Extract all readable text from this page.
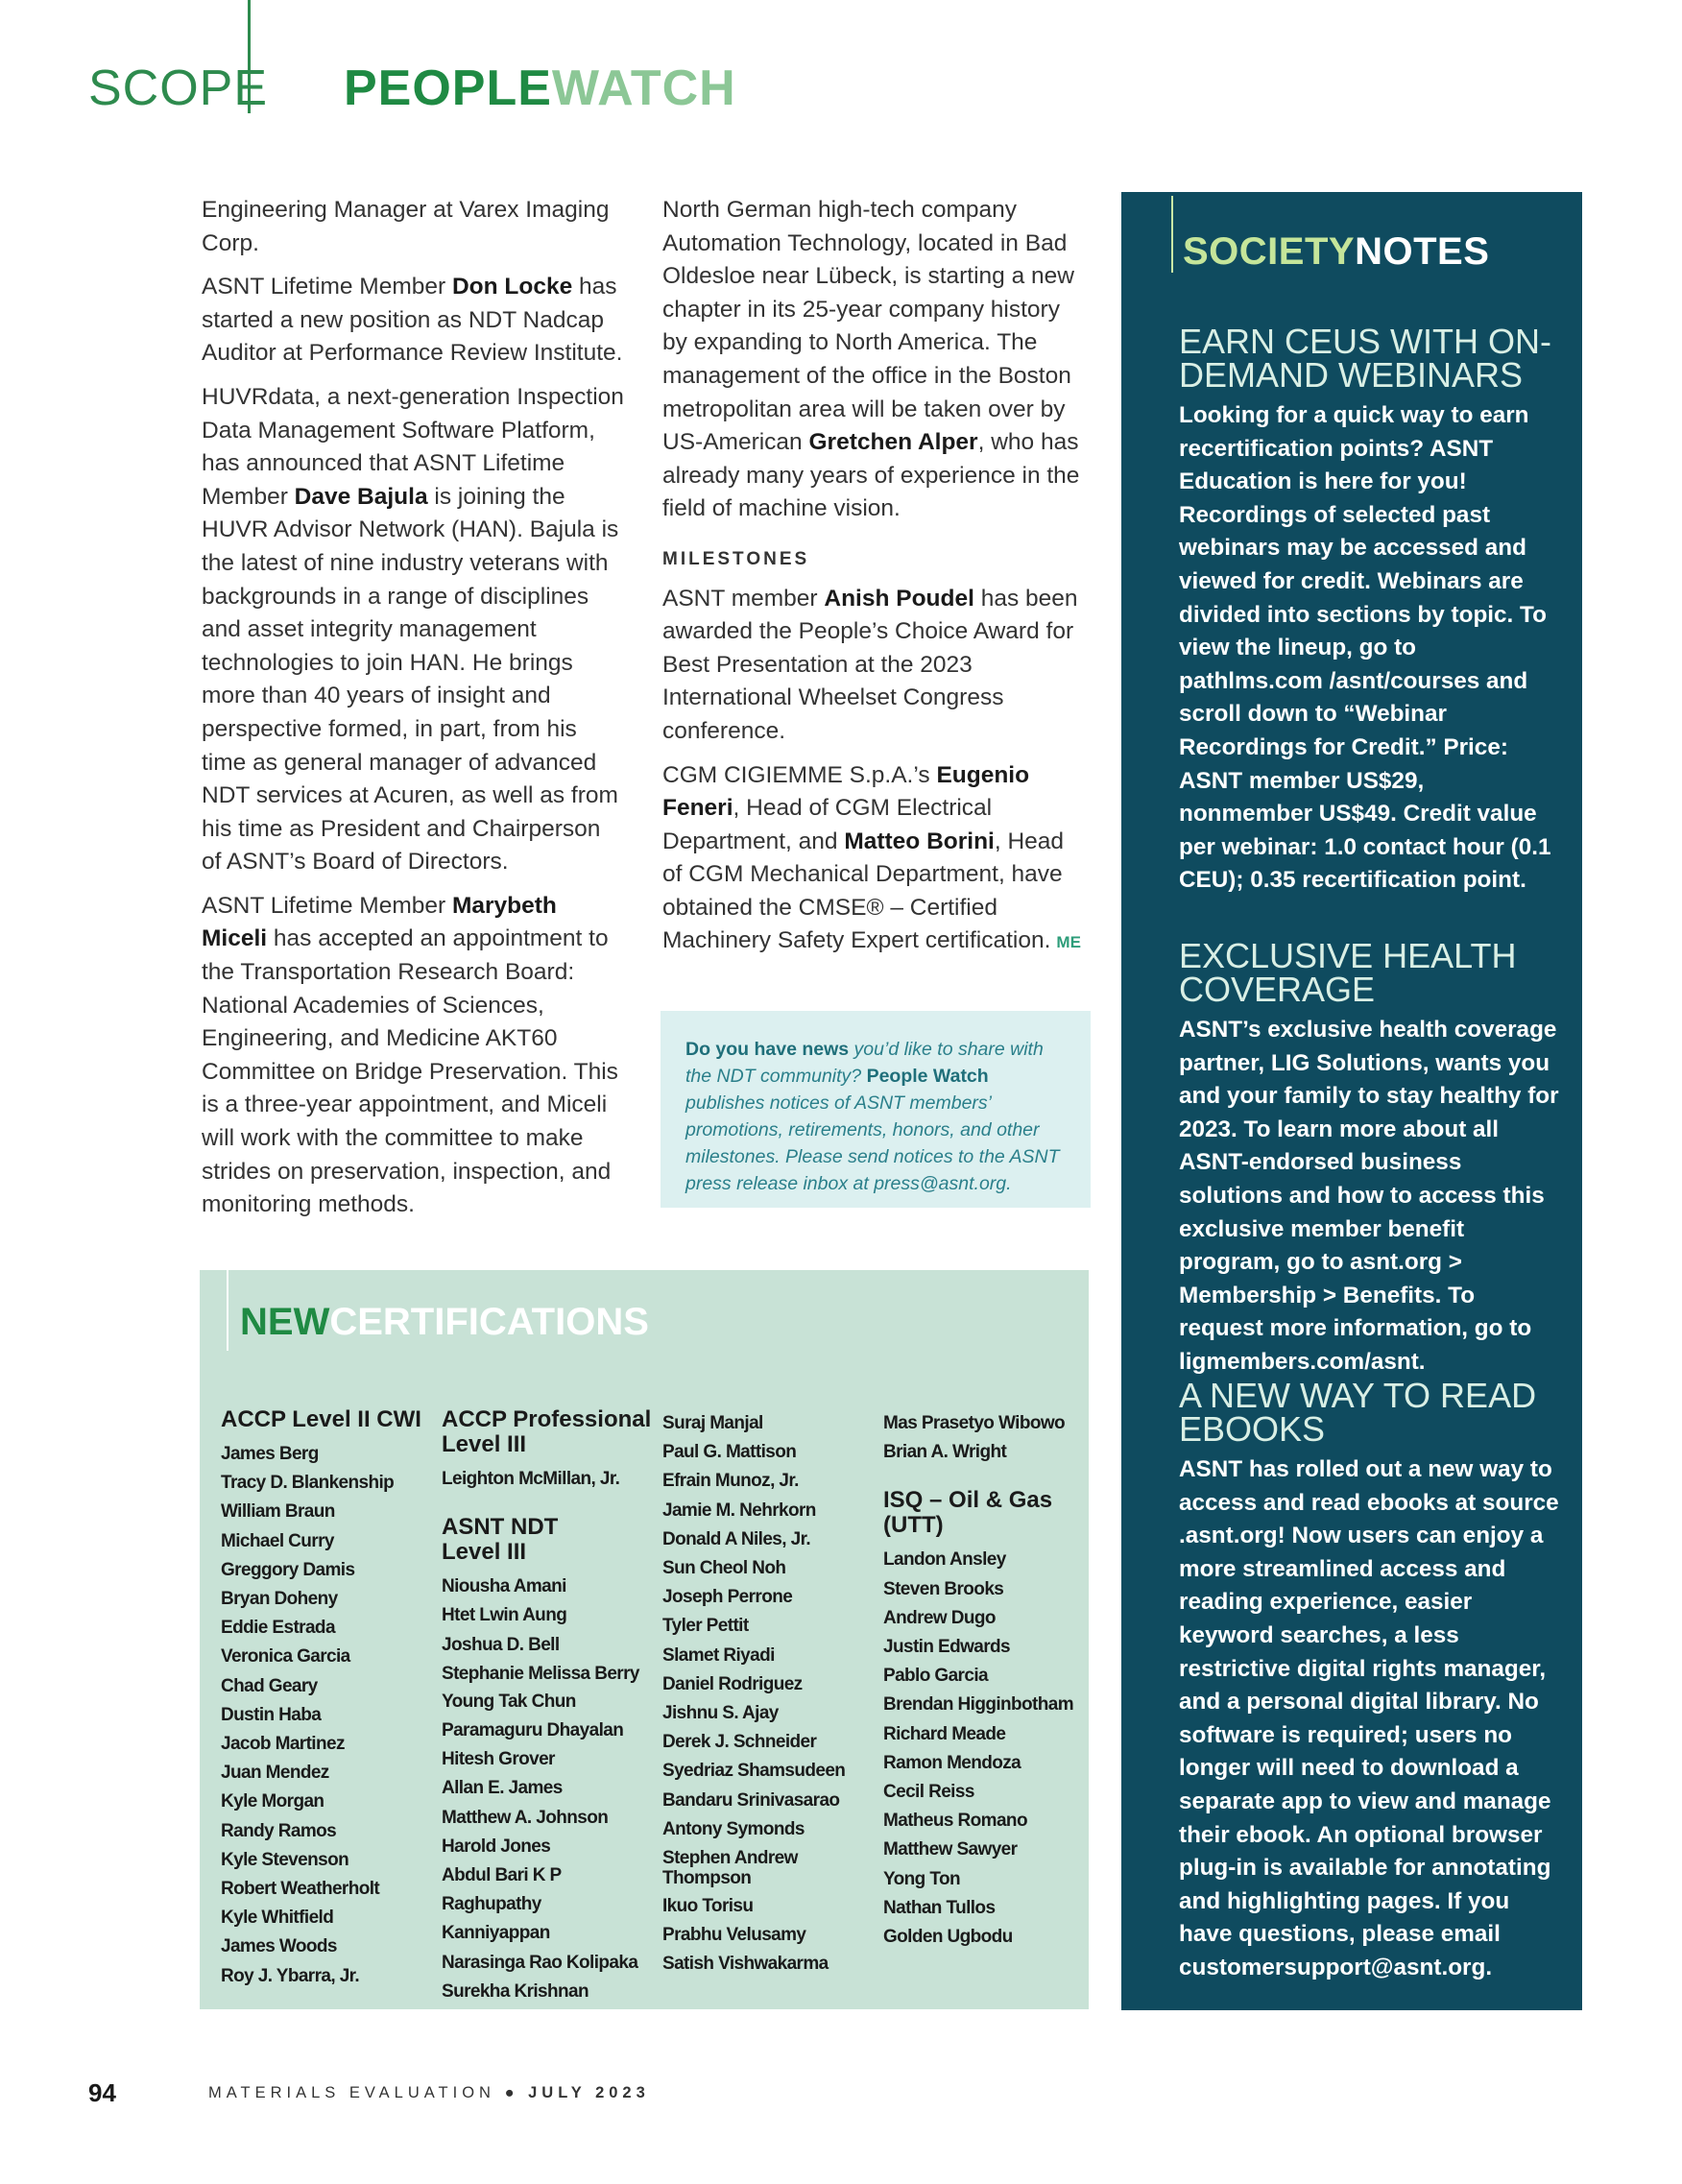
SCOPE PEOPLEWATCH

Engineering Manager at Varex Imaging Corp.

ASNT Lifetime Member Don Locke has started a new position as NDT Nadcap Auditor at Performance Review Institute.

HUVRdata, a next-generation Inspection Data Management Software Platform, has announced that ASNT Lifetime Member Dave Bajula is joining the HUVR Advisor Network (HAN). Bajula is the latest of nine industry veterans with backgrounds in a range of disciplines and asset integrity management technologies to join HAN. He brings more than 40 years of insight and perspective formed, in part, from his time as general manager of advanced NDT services at Acuren, as well as from his time as President and Chairperson of ASNT’s Board of Directors.

ASNT Lifetime Member Marybeth Miceli has accepted an appointment to the Transportation Research Board: National Academies of Sciences, Engineering, and Medicine AKT60 Committee on Bridge Preservation. This is a three-year appointment, and Miceli will work with the committee to make strides on preservation, inspection, and monitoring methods.

North German high-tech company Automation Technology, located in Bad Oldesloe near Lübeck, is starting a new chapter in its 25-year company history by expanding to North America. The management of the office in the Boston metropolitan area will be taken over by US-American Gretchen Alper, who has already many years of experience in the field of machine vision.

MILESTONES

ASNT member Anish Poudel has been awarded the People’s Choice Award for Best Presentation at the 2023 International Wheelset Congress conference.

CGM CIGIEMME S.p.A.’s Eugenio Feneri, Head of CGM Electrical Department, and Matteo Borini, Head of CGM Mechanical Department, have obtained the CMSE® – Certified Machinery Safety Expert certification. ME

Do you have news you’d like to share with the NDT community? People Watch publishes notices of ASNT members’ promotions, retirements, honors, and other milestones. Please send notices to the ASNT press release inbox at press@asnt.org.
SOCIETYNOTES
EARN CEUS WITH ON-DEMAND WEBINARS
Looking for a quick way to earn recertification points? ASNT Education is here for you! Recordings of selected past webinars may be accessed and viewed for credit. Webinars are divided into sections by topic. To view the lineup, go to pathlms.com /asnt/courses and scroll down to “Webinar Recordings for Credit.” Price: ASNT member US$29, nonmember US$49. Credit value per webinar: 1.0 contact hour (0.1 CEU); 0.35 recertification point.
EXCLUSIVE HEALTH COVERAGE
ASNT’s exclusive health coverage partner, LIG Solutions, wants you and your family to stay healthy for 2023. To learn more about all ASNT-endorsed business solutions and how to access this exclusive member benefit program, go to asnt.org > Membership > Benefits. To request more information, go to ligmembers.com/asnt.
A NEW WAY TO READ EBOOKS
ASNT has rolled out a new way to access and read ebooks at source .asnt.org! Now users can enjoy a more streamlined access and reading experience, easier keyword searches, a less restrictive digital rights manager, and a personal digital library. No software is required; users no longer will need to download a separate app to view and manage their ebook. An optional browser plug-in is available for annotating and highlighting pages. If you have questions, please email customersupport@asnt.org.
NEWCERTIFICATIONS
ACCP Level II CWI
James Berg
Tracy D. Blankenship
William Braun
Michael Curry
Greggory Damis
Bryan Doheny
Eddie Estrada
Veronica Garcia
Chad Geary
Dustin Haba
Jacob Martinez
Juan Mendez
Kyle Morgan
Randy Ramos
Kyle Stevenson
Robert Weatherholt
Kyle Whitfield
James Woods
Roy J. Ybarra, Jr.
ACCP Professional Level III
Leighton McMillan, Jr.
ASNT NDT Level III
Niousha Amani
Htet Lwin Aung
Joshua D. Bell
Stephanie Melissa Berry
Young Tak Chun
Paramaguru Dhayalan
Hitesh Grover
Allan E. James
Matthew A. Johnson
Harold Jones
Abdul Bari K P
Raghupathy Kanniyappan
Narasinga Rao Kolipaka
Surekha Krishnan
Suraj Manjal
Paul G. Mattison
Efrain Munoz, Jr.
Jamie M. Nehrkorn
Donald A Niles, Jr.
Sun Cheol Noh
Joseph Perrone
Tyler Pettit
Slamet Riyadi
Daniel Rodriguez
Jishnu S. Ajay
Derek J. Schneider
Syedriaz Shamsudeen
Bandaru Srinivasarao
Antony Symonds
Stephen Andrew Thompson
Ikuo Torisu
Prabhu Velusamy
Satish Vishwakarma
Mas Prasetyo Wibowo
Brian A. Wright
ISQ – Oil & Gas (UTT)
Landon Ansley
Steven Brooks
Andrew Dugo
Justin Edwards
Pablo Garcia
Brendan Higginbotham
Richard Meade
Ramon Mendoza
Cecil Reiss
Matheus Romano
Matthew Sawyer
Yong Ton
Nathan Tullos
Golden Ugbodu
94	MATERIALS EVALUATION ● JULY 2023
